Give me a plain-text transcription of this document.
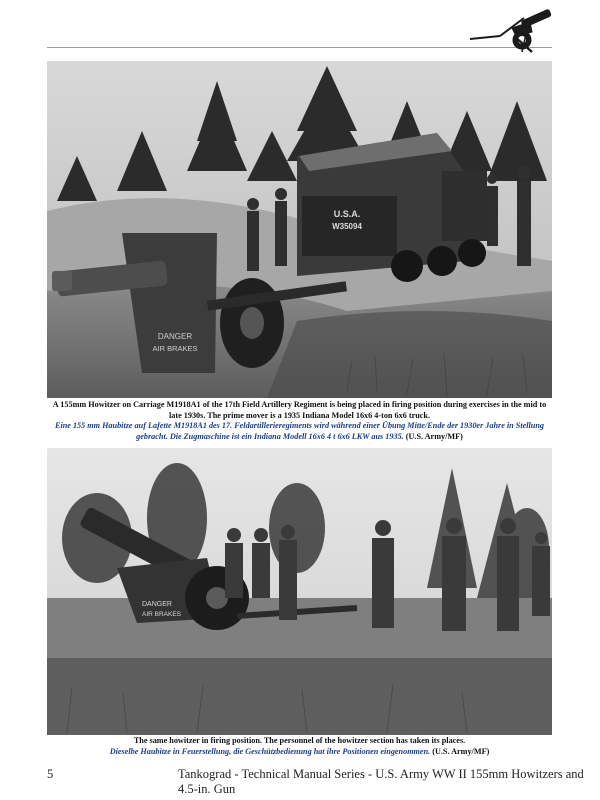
U.S.A.
W35094
DANGER
AIR BRAKES
A 155mm Howitzer on Carriage M1918A1 of the 17th Field Artillery Regiment is being placed in firing position during exercises in the mid to late 1930s. The prime mover is a 1935 Indiana Model 16x6 4-ton 6x6 truck.
Eine 155 mm Haubitze auf Lafette M1918A1 des 17. Feldartillerieregiments wird während einer Übung Mitte/Ende der 1930er Jahre in Stellung gebracht. Die Zugmaschine ist ein Indiana Modell 16x6 4 t 6x6 LKW aus 1935. (U.S. Army/MF)
DANGER
AIR BRAKES
The same howitzer in firing position. The personnel of the howitzer section has taken its places.
Dieselbe Haubitze in Feuerstellung, die Geschützbedienung hat ihre Positionen eingenommen. (U.S. Army/MF)
5	Tankograd - Technical Manual Series - U.S. Army WW II 155mm Howitzers and 4.5-in. Gun
